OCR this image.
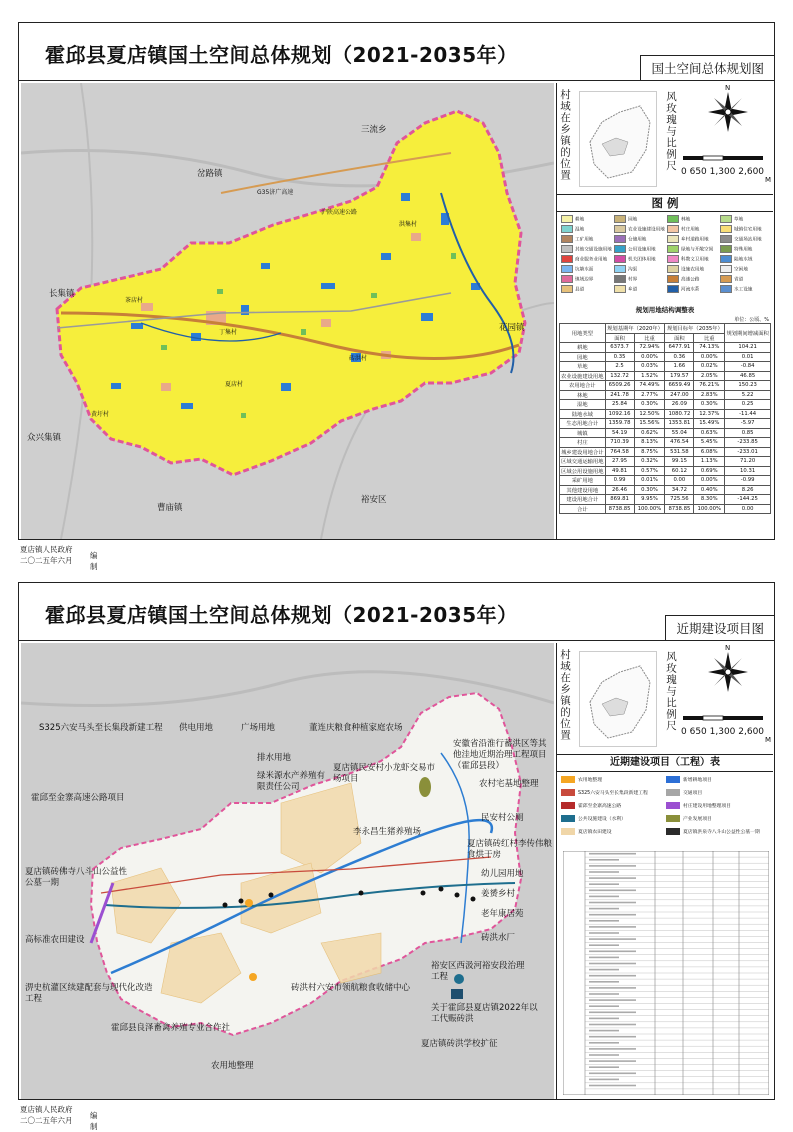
霍邱县夏店镇国土空间总体规划（2021-2035年）
国土空间总体规划图
三流乡
岔路镇
长集镇
花园镇
众兴集镇
曹庙镇
裕安区
G35济广高速
沪陕高速公路
夏店村
茶店村
丁集村
洪集村
黄圩村
砖洪村
村域在乡镇的位置	风玫瑰与比例尺
N
0 650 1,300 2,600
M
图 例
耕地	园地	林地	草地
湿地	农业设施建设用地	村庄用地	城镇住宅用地
工矿用地	仓储用地	乡村道路用地	交通场站用地
其他交通设施用地	公用设施用地	绿地与开敞空间	特殊用地
商业服务业用地	机关团体用地	科教文卫用地	陆地水域
坑塘水面	沟渠	设施农用地	空闲地
镇域边界	村界	高速公路	省道
县道	乡道	河流水系	水工设施
规划用地结构调整表
单位：公顷、%
用地类型	规划基期年（2020年）		规划目标年（2035年）		规划期间增减面积
	面积	比重	面积	比重	
耕地	6373.7	72.94%	6477.91	74.13%	104.21
园地	0.35	0.00%	0.36	0.00%	0.01
草地	2.5	0.03%	1.66	0.02%	-0.84
农业设施建设用地	132.72	1.52%	179.57	2.05%	46.85
农用地合计	6509.26	74.49%	6659.49	76.21%	150.23
林地	241.78	2.77%	247.00	2.83%	5.22
湿地	25.84	0.30%	26.09	0.30%	0.25
陆地水域	1092.16	12.50%	1080.72	12.37%	-11.44
生态用地合计	1359.78	15.56%	1353.81	15.49%	-5.97
城镇	54.19	0.62%	55.04	0.63%	0.85
村庄	710.39	8.13%	476.54	5.45%	-233.85
城乡建设用地合计	764.58	8.75%	531.58	6.08%	-233.01
区域交通运输用地	27.95	0.32%	99.15	1.13%	71.20
区域公用设施用地	49.81	0.57%	60.12	0.69%	10.31
采矿用地	0.99	0.01%	0.00	0.00%	-0.99
其他建设用地	26.46	0.30%	34.72	0.40%	8.26
建设用地合计	869.81	9.95%	725.56	8.30%	-144.25
合计	8738.85	100.00%	8738.85	100.00%	0.00
夏店镇人民政府
二〇二五年六月
编制
霍邱县夏店镇国土空间总体规划（2021-2035年）
近期建设项目图
S325六安马头至长集段新建工程 供电用地	广场用地	董连庆粮食种植家庭农场
安徽省沿淮行蓄洪区等其他洼地近期治理工程项目（霍邱县段）
排水用地
霍邱至金寨高速公路项目
绿米源水产养殖有限责任公司
夏店镇民安村小龙虾交易市场项目	农村宅基地整理
民安村公厕
李永昌生猪养殖场
夏店镇砖红村李传伟粮食烘干房
夏店镇砖佛寺八斗山公益性公墓一期
幼儿园用地
姜赟乡村
老年康居苑
砖洪水厂
高标准农田建设
裕安区西汲河裕安段治理工程
砖洪村六安市领航粮食收储中心
淠史杭灌区续建配套与现代化改造工程
关于霍邱县夏店镇2022年以工代赈砖洪
霍邱县良泽畜禽养殖专业合作社
夏店镇砖洪学校扩征
农用地整理
村域在乡镇的位置	风玫瑰与比例尺
N
0 650 1,300 2,600
M
近期建设项目（工程）表
农用地整理	新增耕地项目
S325六安马头至长集段新建工程	交通项目
霍邱至金寨高速公路	村庄建设用地整理项目
公共设施建设（水利）	产业发展项目
夏店镇农田建设	夏店镇洪泉寺八斗山公益性公墓一期
夏店镇人民政府
二〇二五年六月
编制
